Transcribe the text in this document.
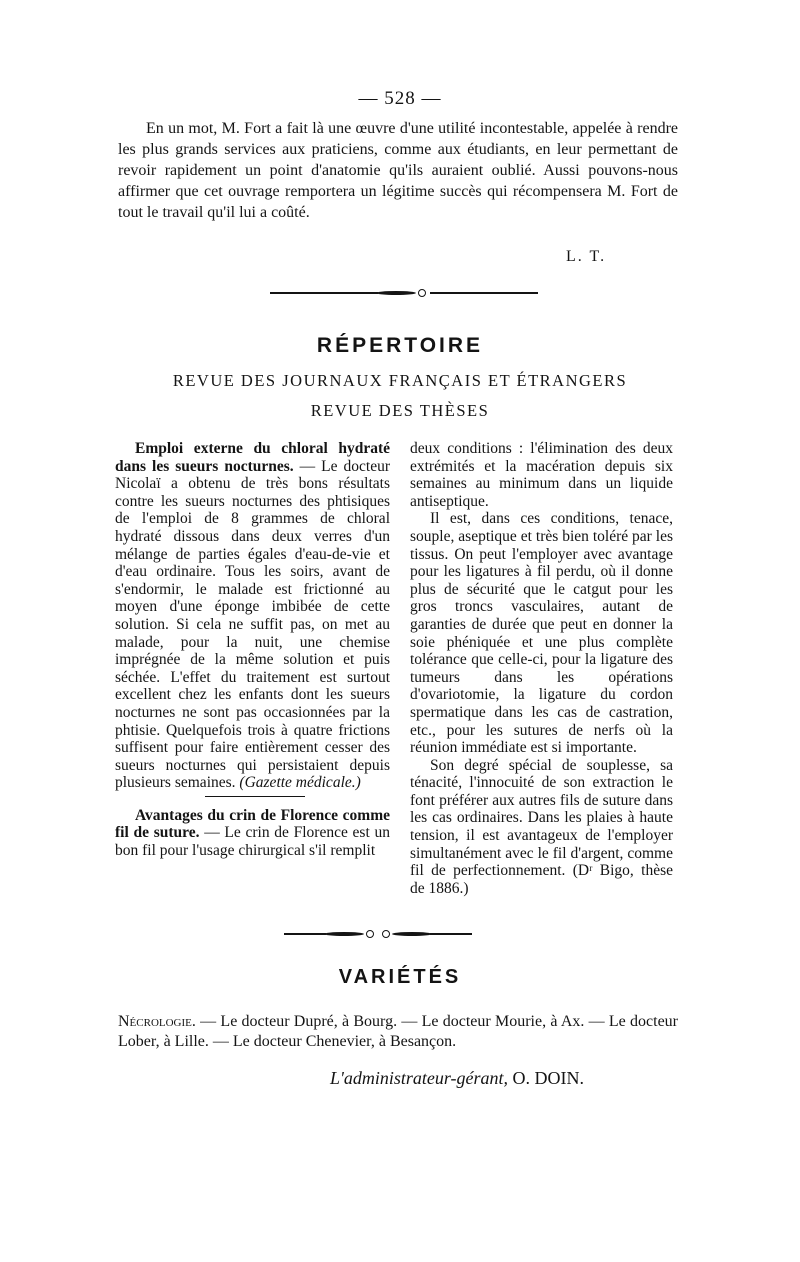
— 528 —

En un mot, M. Fort a fait là une œuvre d'une utilité incontestable, appelée à rendre les plus grands services aux praticiens, comme aux étudiants, en leur permettant de revoir rapidement un point d'anatomie qu'ils auraient oublié. Aussi pouvons-nous affirmer que cet ouvrage remportera un légitime succès qui récompensera M. Fort de tout le travail qu'il lui a coûté.

L. T.
RÉPERTOIRE
REVUE DES JOURNAUX FRANÇAIS ET ÉTRANGERS
REVUE DES THÈSES

Emploi externe du chloral hydraté dans les sueurs nocturnes. — Le docteur Nicolaï a obtenu de très bons résultats contre les sueurs nocturnes des phtisiques de l'emploi de 8 grammes de chloral hydraté dissous dans deux verres d'un mélange de parties égales d'eau-de-vie et d'eau ordinaire. Tous les soirs, avant de s'endormir, le malade est frictionné au moyen d'une éponge imbibée de cette solution. Si cela ne suffit pas, on met au malade, pour la nuit, une chemise imprégnée de la même solution et puis séchée. L'effet du traitement est surtout excellent chez les enfants dont les sueurs nocturnes ne sont pas occasionnées par la phtisie. Quelquefois trois à quatre frictions suffisent pour faire entièrement cesser des sueurs nocturnes qui persistaient depuis plusieurs semaines. (Gazette médicale.)

Avantages du crin de Florence comme fil de suture. — Le crin de Florence est un bon fil pour l'usage chirurgical s'il remplit

deux conditions : l'élimination des deux extrémités et la macération depuis six semaines au minimum dans un liquide antiseptique.

Il est, dans ces conditions, tenace, souple, aseptique et très bien toléré par les tissus. On peut l'employer avec avantage pour les ligatures à fil perdu, où il donne plus de sécurité que le catgut pour les gros troncs vasculaires, autant de garanties de durée que peut en donner la soie phéniquée et une plus complète tolérance que celle-ci, pour la ligature des tumeurs dans les opérations d'ovariotomie, la ligature du cordon spermatique dans les cas de castration, etc., pour les sutures de nerfs où la réunion immédiate est si importante.

Son degré spécial de souplesse, sa ténacité, l'innocuité de son extraction le font préférer aux autres fils de suture dans les cas ordinaires. Dans les plaies à haute tension, il est avantageux de l'employer simultanément avec le fil d'argent, comme fil de perfectionnement. (Dʳ Bigo, thèse de 1886.)

VARIÉTÉS

Nécrologie. — Le docteur Dupré, à Bourg. — Le docteur Mourie, à Ax. — Le docteur Lober, à Lille. — Le docteur Chenevier, à Besançon.

L'administrateur-gérant, O. DOIN.
